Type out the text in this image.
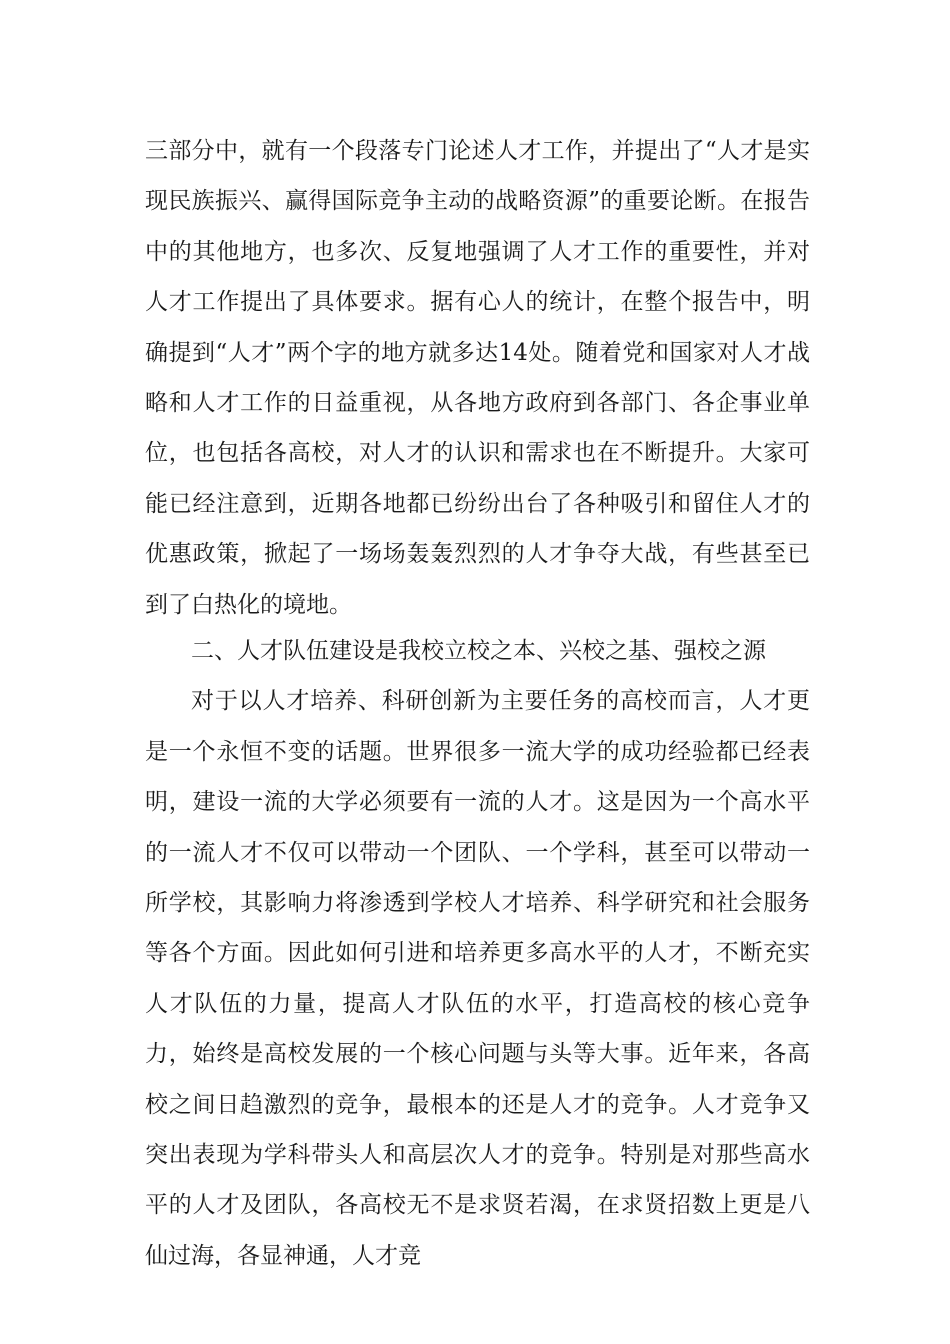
三部分中，就有一个段落专门论述人才工作，并提出了“人才是实现民族振兴、赢得国际竞争主动的战略资源”的重要论断。在报告中的其他地方，也多次、反复地强调了人才工作的重要性，并对人才工作提出了具体要求。据有心人的统计，在整个报告中，明确提到“人才”两个字的地方就多达14处。随着党和国家对人才战略和人才工作的日益重视，从各地方政府到各部门、各企事业单位，也包括各高校，对人才的认识和需求也在不断提升。大家可能已经注意到，近期各地都已纷纷出台了各种吸引和留住人才的优惠政策，掀起了一场场轰轰烈烈的人才争夺大战，有些甚至已到了白热化的境地。

二、人才队伍建设是我校立校之本、兴校之基、强校之源

对于以人才培养、科研创新为主要任务的高校而言，人才更是一个永恒不变的话题。世界很多一流大学的成功经验都已经表明，建设一流的大学必须要有一流的人才。这是因为一个高水平的一流人才不仅可以带动一个团队、一个学科，甚至可以带动一所学校，其影响力将渗透到学校人才培养、科学研究和社会服务等各个方面。因此如何引进和培养更多高水平的人才，不断充实人才队伍的力量，提高人才队伍的水平，打造高校的核心竞争力，始终是高校发展的一个核心问题与头等大事。近年来，各高校之间日趋激烈的竞争，最根本的还是人才的竞争。人才竞争又突出表现为学科带头人和高层次人才的竞争。特别是对那些高水平的人才及团队，各高校无不是求贤若渴，在求贤招数上更是八仙过海，各显神通，人才竞
